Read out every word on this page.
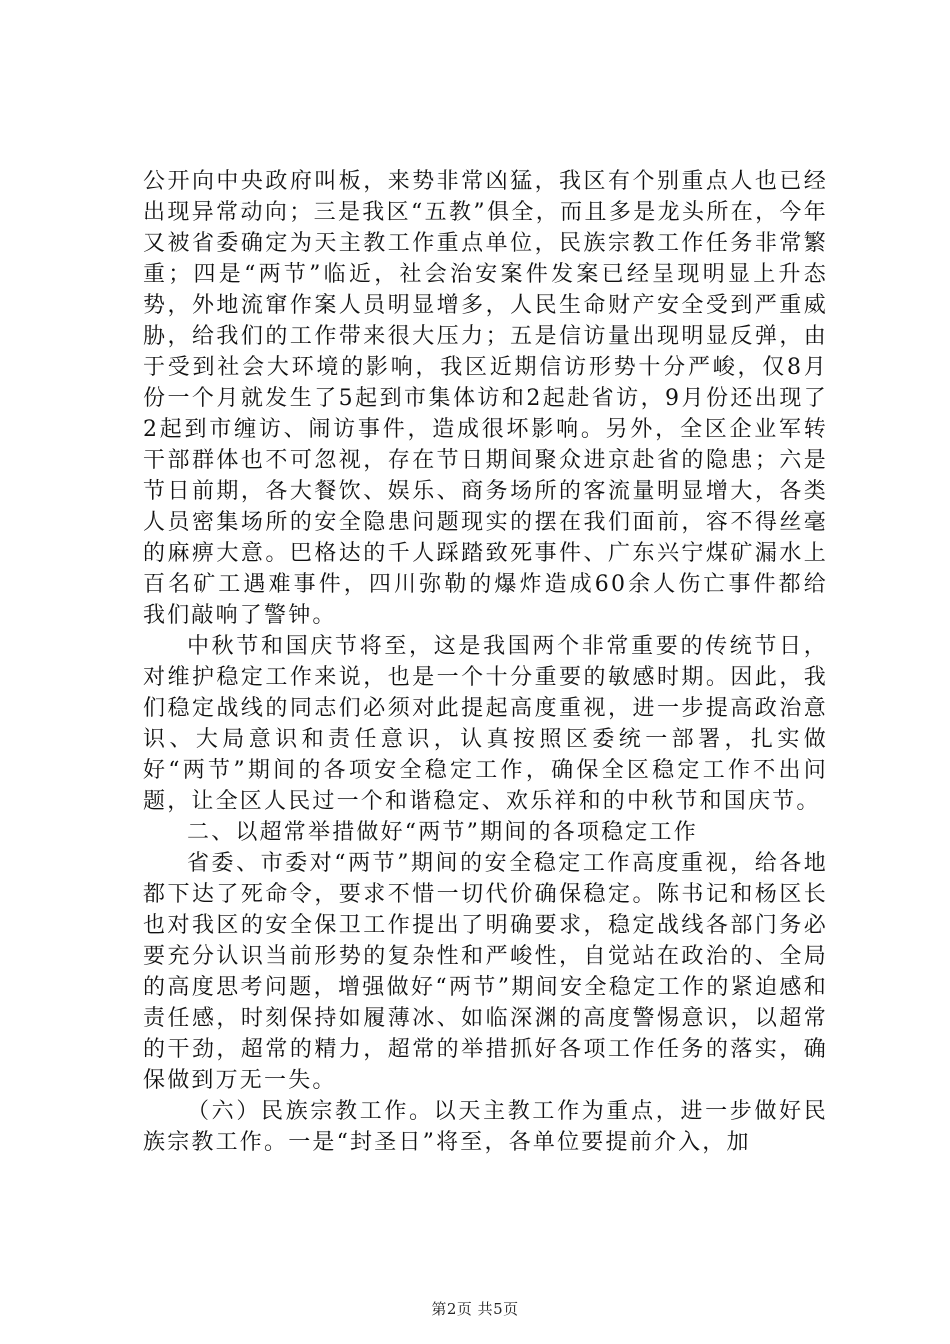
公开向中央政府叫板，来势非常凶猛，我区有个别重点人也已经出现异常动向；三是我区“五教”俱全，而且多是龙头所在，今年又被省委确定为天主教工作重点单位，民族宗教工作任务非常繁重；四是“两节”临近，社会治安案件发案已经呈现明显上升态势，外地流窜作案人员明显增多，人民生命财产安全受到严重威胁，给我们的工作带来很大压力；五是信访量出现明显反弹，由于受到社会大环境的影响，我区近期信访形势十分严峻，仅8月份一个月就发生了5起到市集体访和2起赴省访，9月份还出现了2起到市缠访、闹访事件，造成很坏影响。另外，全区企业军转干部群体也不可忽视，存在节日期间聚众进京赴省的隐患；六是节日前期，各大餐饮、娱乐、商务场所的客流量明显增大，各类人员密集场所的安全隐患问题现实的摆在我们面前，容不得丝毫的麻痹大意。巴格达的千人踩踏致死事件、广东兴宁煤矿漏水上百名矿工遇难事件，四川弥勒的爆炸造成60余人伤亡事件都给我们敲响了警钟。

中秋节和国庆节将至，这是我国两个非常重要的传统节日，对维护稳定工作来说，也是一个十分重要的敏感时期。因此，我们稳定战线的同志们必须对此提起高度重视，进一步提高政治意识、大局意识和责任意识，认真按照区委统一部署，扎实做好“两节”期间的各项安全稳定工作，确保全区稳定工作不出问题，让全区人民过一个和谐稳定、欢乐祥和的中秋节和国庆节。

二、以超常举措做好“两节”期间的各项稳定工作

省委、市委对“两节”期间的安全稳定工作高度重视，给各地都下达了死命令，要求不惜一切代价确保稳定。陈书记和杨区长也对我区的安全保卫工作提出了明确要求，稳定战线各部门务必要充分认识当前形势的复杂性和严峻性，自觉站在政治的、全局的高度思考问题，增强做好“两节”期间安全稳定工作的紧迫感和责任感，时刻保持如履薄冰、如临深渊的高度警惕意识，以超常的干劲，超常的精力，超常的举措抓好各项工作任务的落实，确保做到万无一失。

（六）民族宗教工作。以天主教工作为重点，进一步做好民族宗教工作。一是“封圣日”将至，各单位要提前介入，加

第2页 共5页
